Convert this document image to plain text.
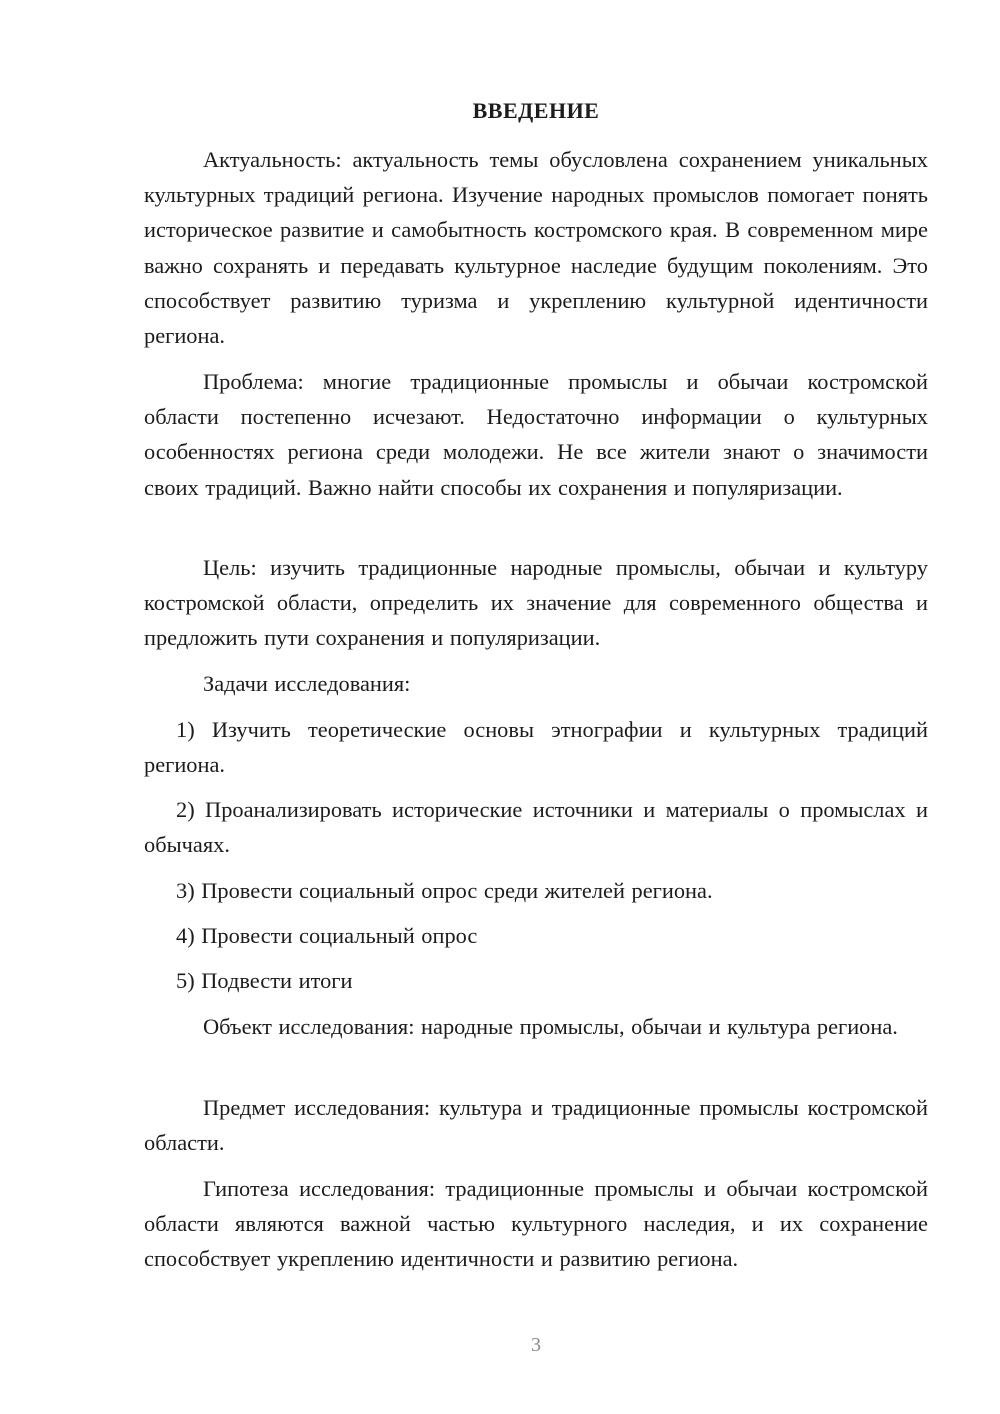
ВВЕДЕНИЕ

Актуальность: актуальность темы обусловлена сохранением уникальных культурных традиций региона. Изучение народных промыслов помогает понять историческое развитие и самобытность костромского края. В современном мире важно сохранять и передавать культурное наследие будущим поколениям. Это способствует развитию туризма и укреплению культурной идентичности региона.

Проблема: многие традиционные промыслы и обычаи костромской области постепенно исчезают. Недостаточно информации о культурных особенностях региона среди молодежи. Не все жители знают о значимости своих традиций. Важно найти способы их сохранения и популяризации.

Цель: изучить традиционные народные промыслы, обычаи и культуру костромской области, определить их значение для современного общества и предложить пути сохранения и популяризации.

Задачи исследования:

1) Изучить теоретические основы этнографии и культурных традиций региона.

2) Проанализировать исторические источники и материалы о промыслах и обычаях.

3) Провести социальный опрос среди жителей региона.

4) Провести социальный опрос

5) Подвести итоги

Объект исследования: народные промыслы, обычаи и культура региона.

Предмет исследования: культура и традиционные промыслы костромской области.

Гипотеза исследования: традиционные промыслы и обычаи костромской области являются важной частью культурного наследия, и их сохранение способствует укреплению идентичности и развитию региона.

3
